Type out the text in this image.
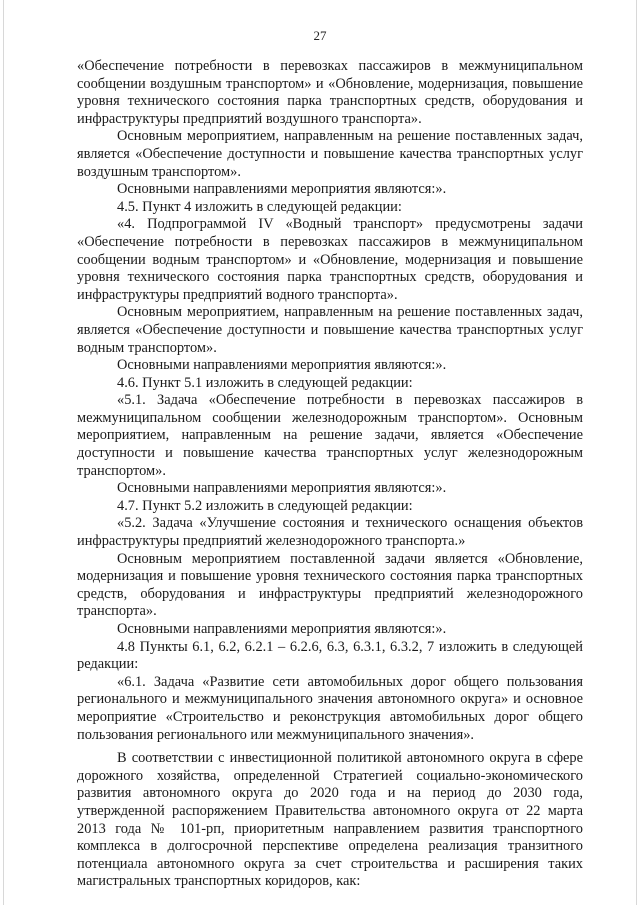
27

«Обеспечение потребности в перевозках пассажиров в межмуниципальном сообщении воздушным транспортом» и «Обновление, модернизация, повышение уровня технического состояния парка транспортных средств, оборудования и инфраструктуры предприятий воздушного транспорта».

Основным мероприятием, направленным на решение поставленных задач, является «Обеспечение доступности и повышение качества транспортных услуг воздушным транспортом».

Основными направлениями мероприятия являются:».

4.5. Пункт 4 изложить в следующей редакции:

«4. Подпрограммой IV «Водный транспорт» предусмотрены задачи «Обеспечение потребности в перевозках пассажиров в межмуниципальном сообщении водным транспортом» и «Обновление, модернизация и повышение уровня технического состояния парка транспортных средств, оборудования и инфраструктуры предприятий водного транспорта».

Основным мероприятием, направленным на решение поставленных задач, является «Обеспечение доступности и повышение качества транспортных услуг водным транспортом».

Основными направлениями мероприятия являются:».

4.6. Пункт 5.1 изложить в следующей редакции:

«5.1. Задача «Обеспечение потребности в перевозках пассажиров в межмуниципальном сообщении железнодорожным транспортом». Основным мероприятием, направленным на решение задачи, является «Обеспечение доступности и повышение качества транспортных услуг железнодорожным транспортом».

Основными направлениями мероприятия являются:».

4.7. Пункт 5.2 изложить в следующей редакции:

«5.2. Задача «Улучшение состояния и технического оснащения объектов инфраструктуры предприятий железнодорожного транспорта.»

Основным мероприятием поставленной задачи является «Обновление, модернизация и повышение уровня технического состояния парка транспортных средств, оборудования и инфраструктуры предприятий железнодорожного транспорта».

Основными направлениями мероприятия являются:».

4.8 Пункты 6.1, 6.2, 6.2.1 – 6.2.6, 6.3, 6.3.1, 6.3.2, 7 изложить в следующей редакции:

«6.1. Задача «Развитие сети автомобильных дорог общего пользования регионального и межмуниципального значения автономного округа» и основное мероприятие «Строительство и реконструкция автомобильных дорог общего пользования регионального или межмуниципального значения».

В соответствии с инвестиционной политикой автономного округа в сфере дорожного хозяйства, определенной Стратегией социально-экономического развития автономного округа до 2020 года и на период до 2030 года, утвержденной распоряжением Правительства автономного округа от 22 марта 2013 года № 101-рп, приоритетным направлением развития транспортного комплекса в долгосрочной перспективе определена реализация транзитного потенциала автономного округа за счет строительства и расширения таких магистральных транспортных коридоров, как:
